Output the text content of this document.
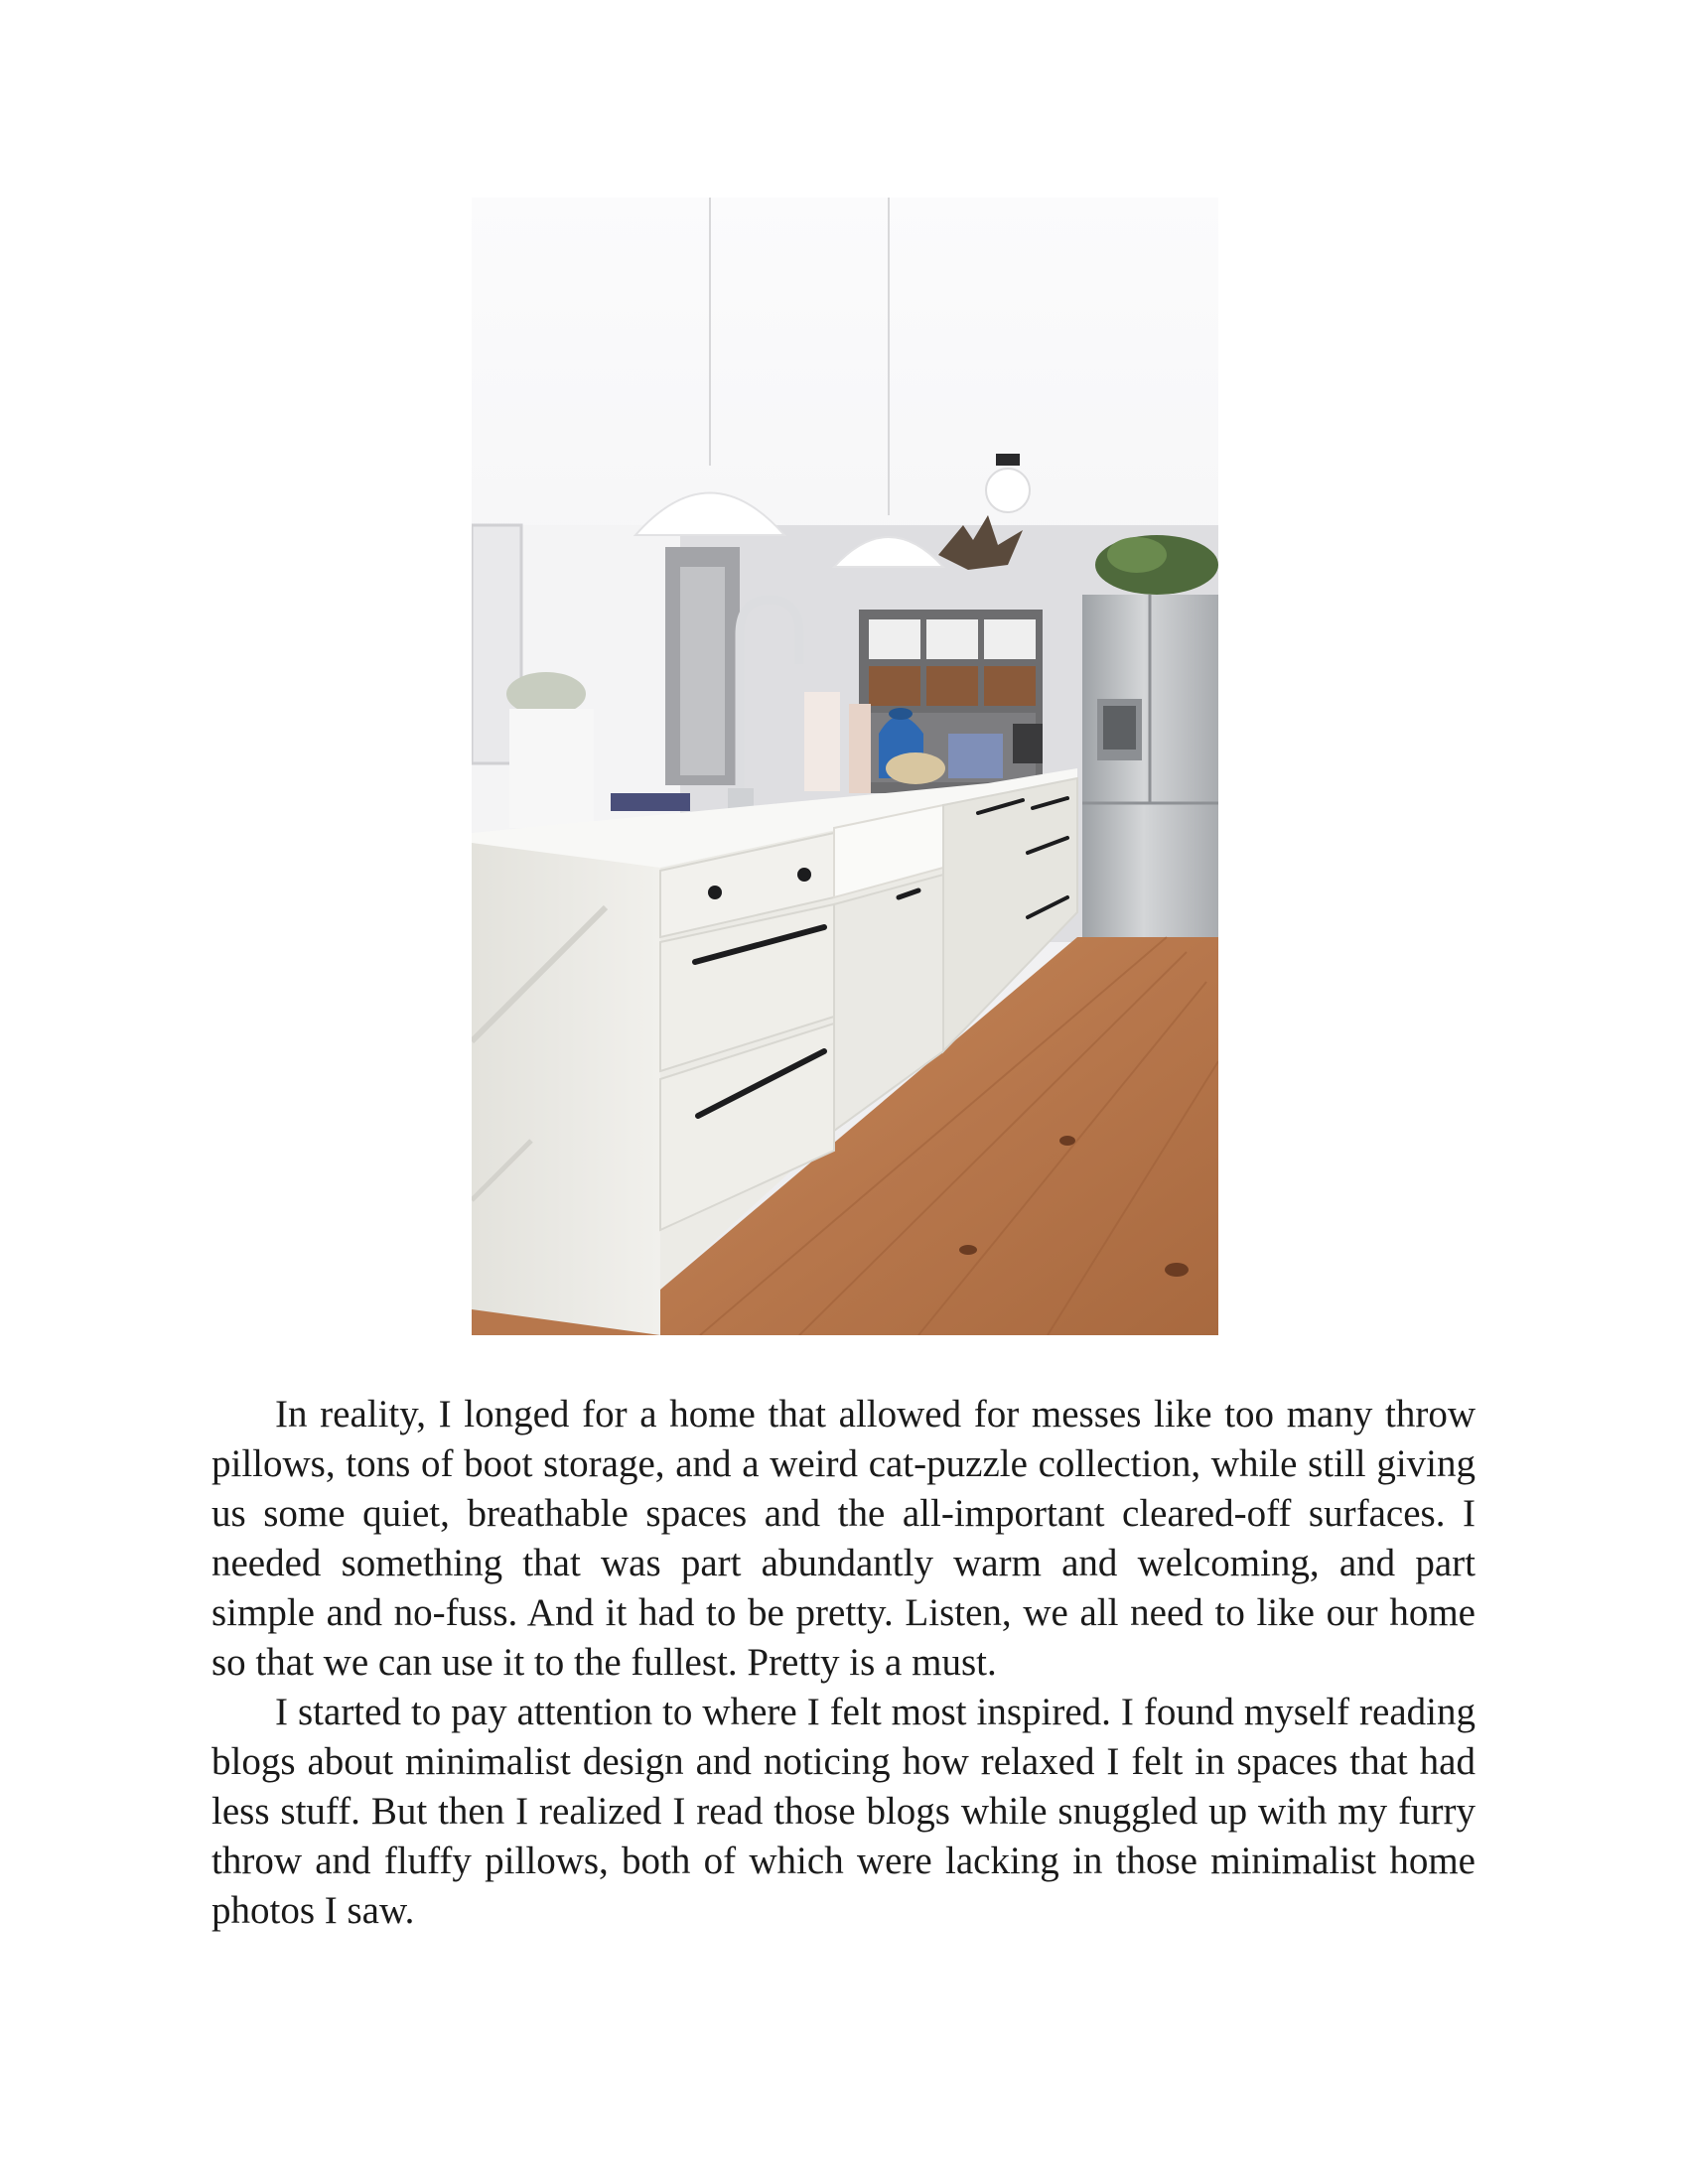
In reality, I longed for a home that allowed for messes like too many throw pillows, tons of boot storage, and a weird cat-puzzle collection, while still giving us some quiet, breathable spaces and the all-important cleared-off surfaces. I needed something that was part abundantly warm and welcoming, and part simple and no-fuss. And it had to be pretty. Listen, we all need to like our home so that we can use it to the fullest. Pretty is a must.

I started to pay attention to where I felt most inspired. I found myself reading blogs about minimalist design and noticing how relaxed I felt in spaces that had less stuff. But then I realized I read those blogs while snuggled up with my furry throw and fluffy pillows, both of which were lacking in those minimalist home photos I saw.
